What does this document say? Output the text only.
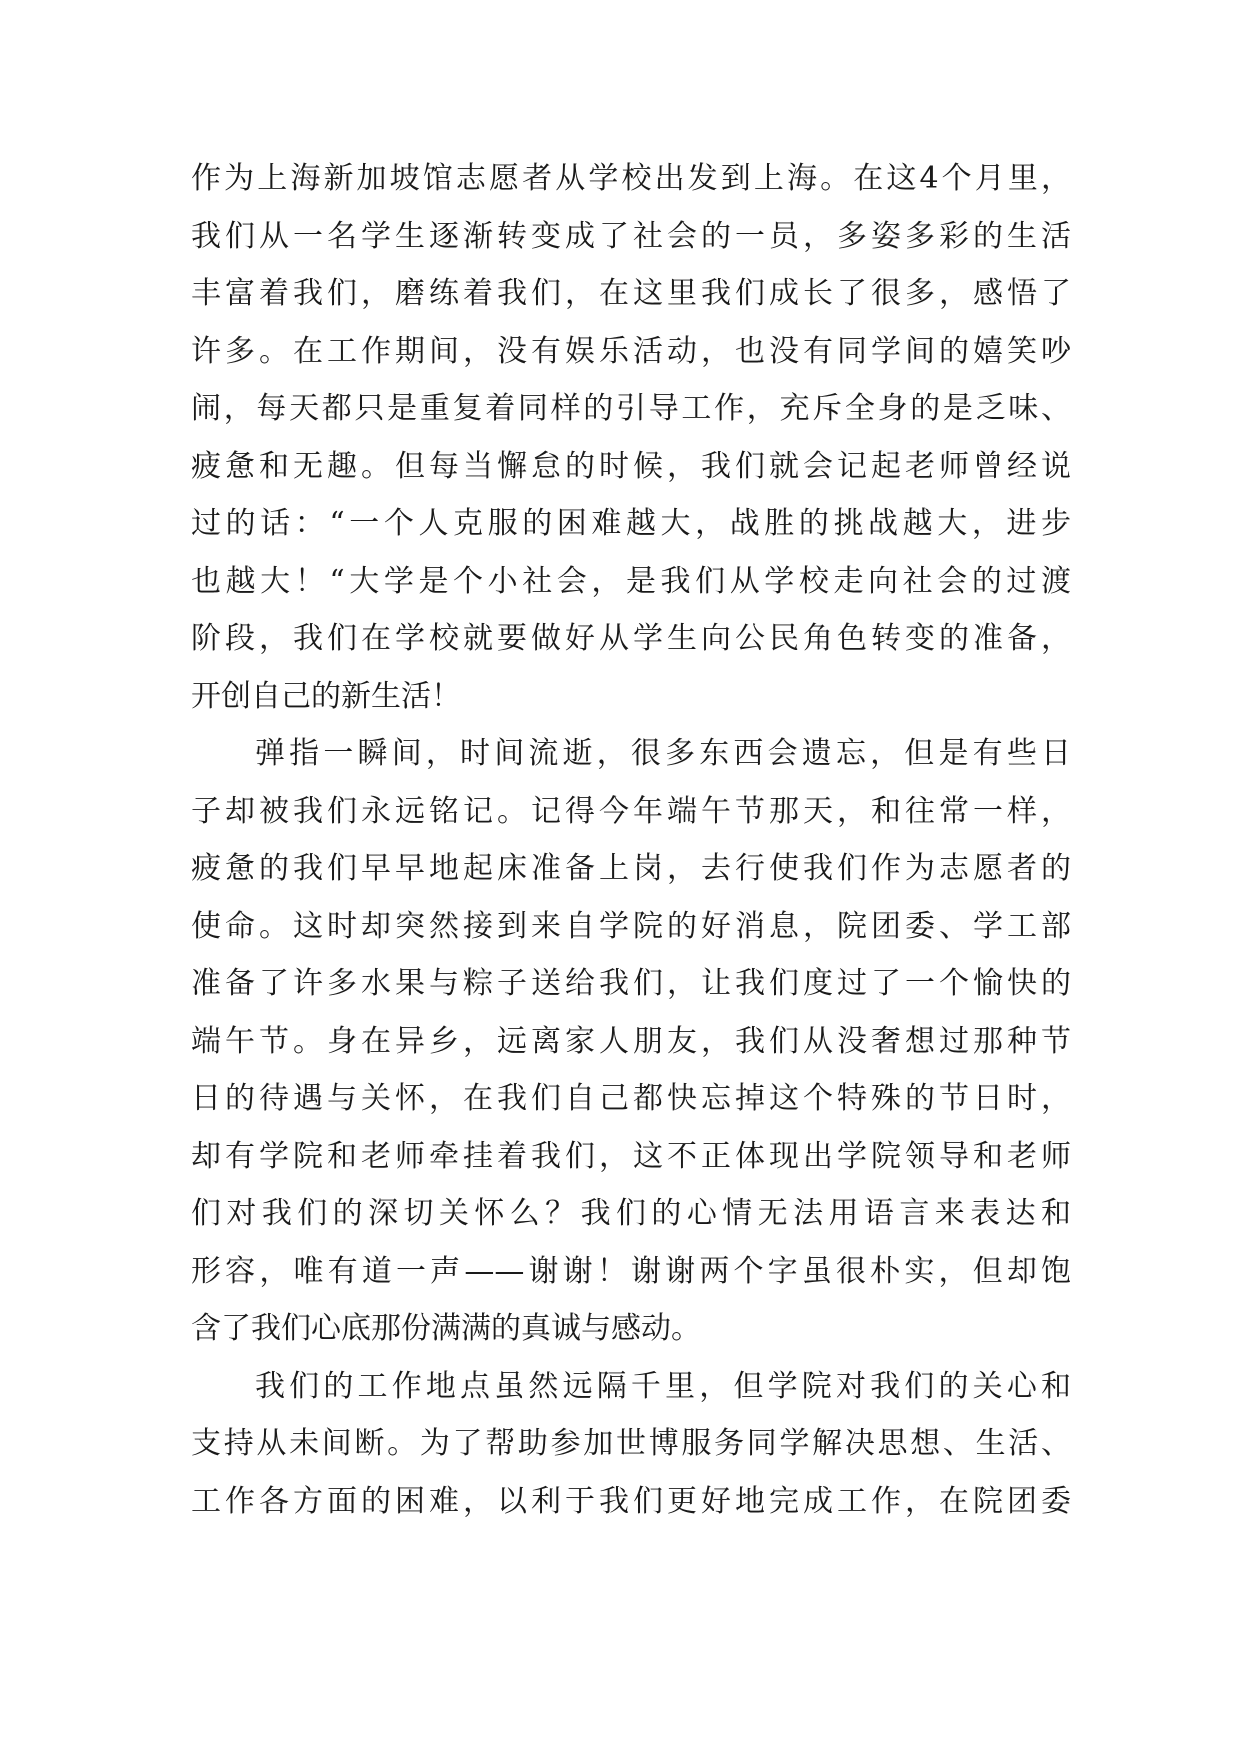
作为上海新加坡馆志愿者从学校出发到上海。在这4个月里，
我们从一名学生逐渐转变成了社会的一员，多姿多彩的生活
丰富着我们，磨练着我们，在这里我们成长了很多，感悟了
许多。在工作期间，没有娱乐活动，也没有同学间的嬉笑吵
闹，每天都只是重复着同样的引导工作，充斥全身的是乏味、
疲惫和无趣。但每当懈怠的时候，我们就会记起老师曾经说
过的话：“一个人克服的困难越大，战胜的挑战越大，进步
也越大！“大学是个小社会，是我们从学校走向社会的过渡
阶段，我们在学校就要做好从学生向公民角色转变的准备，
开创自己的新生活！
弹指一瞬间，时间流逝，很多东西会遗忘，但是有些日
子却被我们永远铭记。记得今年端午节那天，和往常一样，
疲惫的我们早早地起床准备上岗，去行使我们作为志愿者的
使命。这时却突然接到来自学院的好消息，院团委、学工部
准备了许多水果与粽子送给我们，让我们度过了一个愉快的
端午节。身在异乡，远离家人朋友，我们从没奢想过那种节
日的待遇与关怀，在我们自己都快忘掉这个特殊的节日时，
却有学院和老师牵挂着我们，这不正体现出学院领导和老师
们对我们的深切关怀么？我们的心情无法用语言来表达和
形容，唯有道一声——谢谢！谢谢两个字虽很朴实，但却饱
含了我们心底那份满满的真诚与感动。
我们的工作地点虽然远隔千里，但学院对我们的关心和
支持从未间断。为了帮助参加世博服务同学解决思想、生活、
工作各方面的困难，以利于我们更好地完成工作，在院团委
